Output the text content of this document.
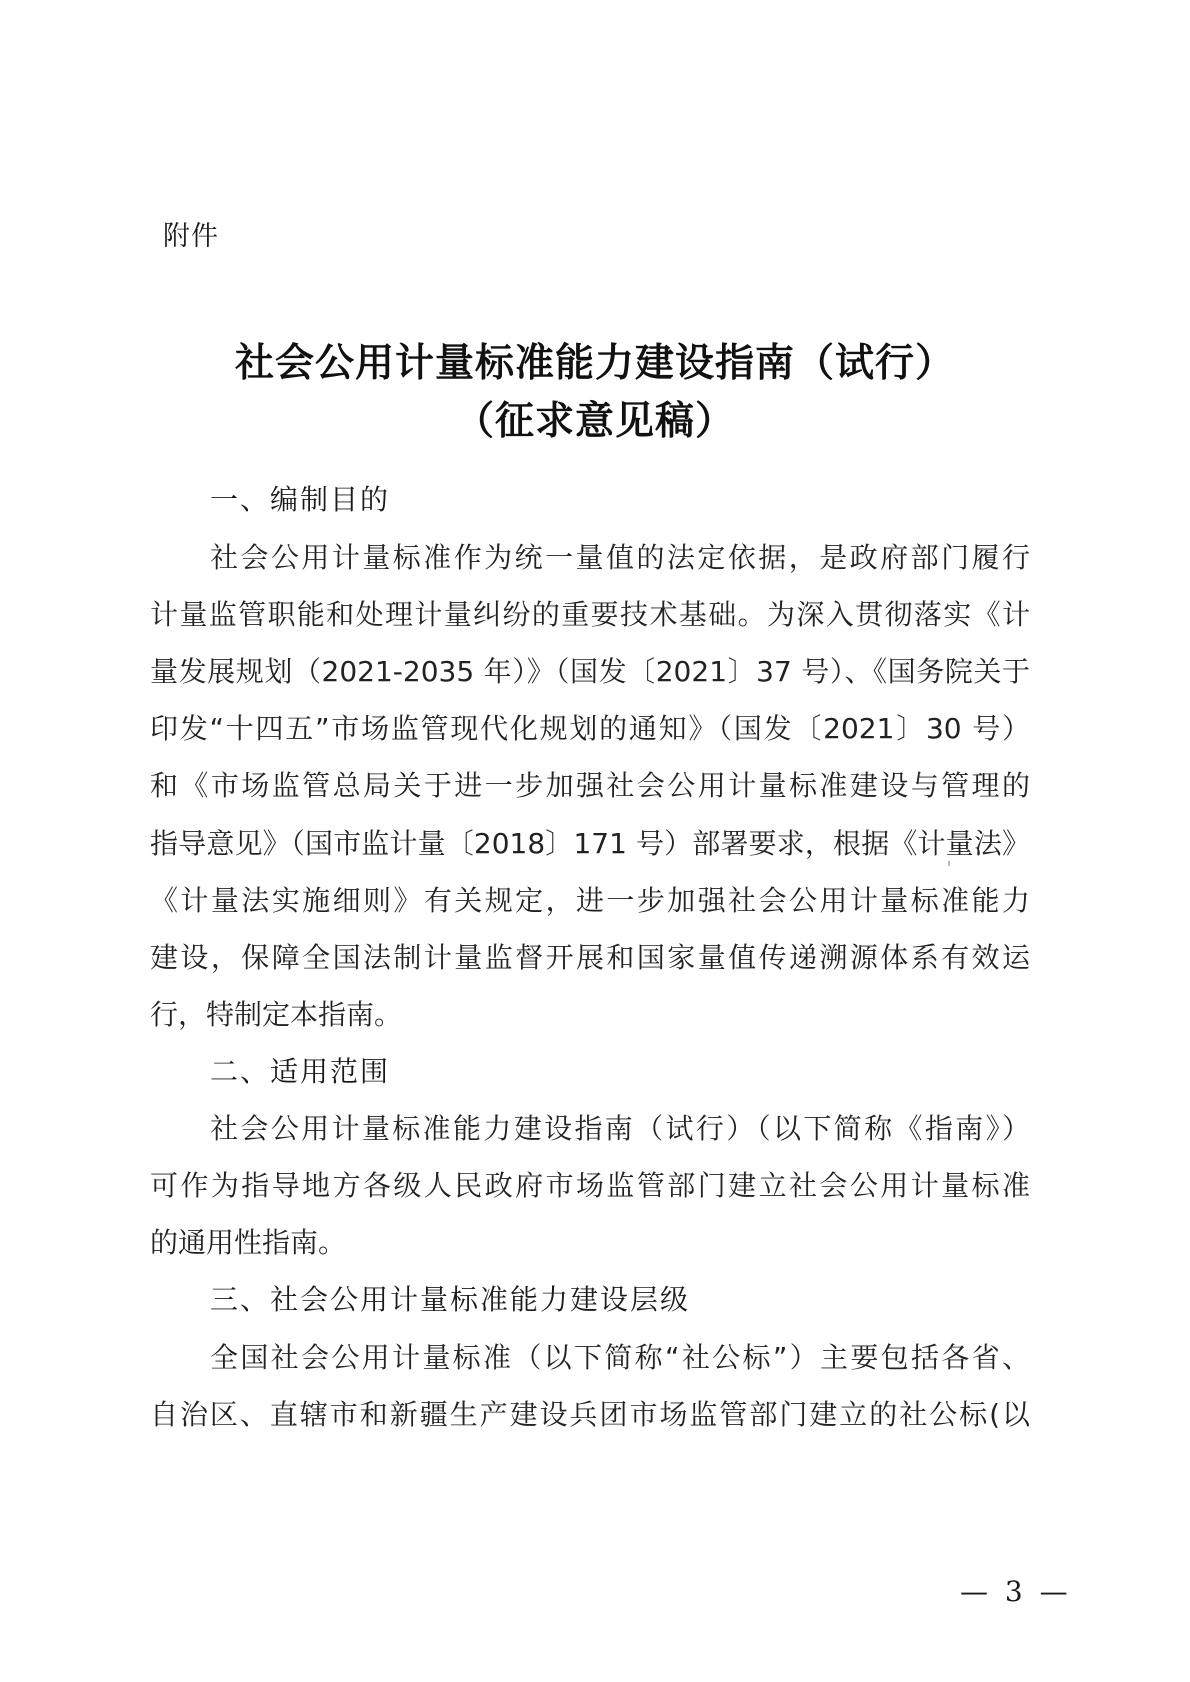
附件
社会公用计量标准能力建设指南（试行）
（征求意见稿）
一、编制目的
社会公用计量标准作为统一量值的法定依据，是政府部门履行
计量监管职能和处理计量纠纷的重要技术基础。为深入贯彻落实《计
量发展规划（2021-2035 年）》（国发〔2021〕37 号）、《国务院关于
印发“十四五”市场监管现代化规划的通知》（国发〔2021〕30 号）
和《市场监管总局关于进一步加强社会公用计量标准建设与管理的
指导意见》（国市监计量〔2018〕171 号）部署要求，根据《计量法》
《计量法实施细则》有关规定，进一步加强社会公用计量标准能力
建设，保障全国法制计量监督开展和国家量值传递溯源体系有效运
行，特制定本指南。
二、适用范围
社会公用计量标准能力建设指南（试行）（以下简称《指南》）
可作为指导地方各级人民政府市场监管部门建立社会公用计量标准
的通用性指南。
三、社会公用计量标准能力建设层级
全国社会公用计量标准（以下简称“社公标”）主要包括各省、
自治区、直辖市和新疆生产建设兵团市场监管部门建立的社公标(以
— 3 —
